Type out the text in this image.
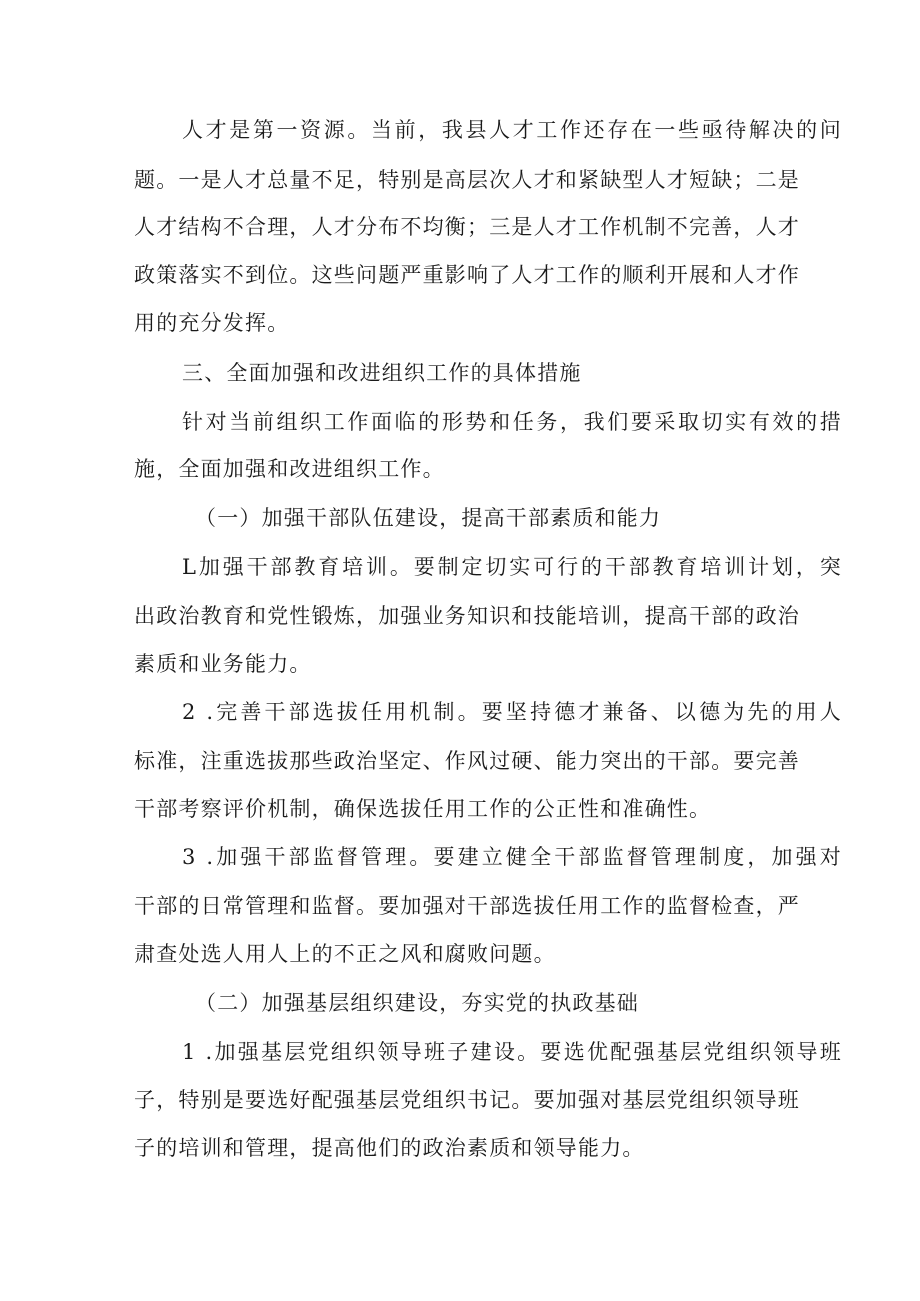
人才是第一资源。当前，我县人才工作还存在一些亟待解决的问
题。一是人才总量不足，特别是高层次人才和紧缺型人才短缺；二是
人才结构不合理，人才分布不均衡；三是人才工作机制不完善，人才
政策落实不到位。这些问题严重影响了人才工作的顺利开展和人才作
用的充分发挥。
三、全面加强和改进组织工作的具体措施
针对当前组织工作面临的形势和任务，我们要采取切实有效的措
施，全面加强和改进组织工作。
（一）加强干部队伍建设，提高干部素质和能力
L加强干部教育培训。要制定切实可行的干部教育培训计划，突
出政治教育和党性锻炼，加强业务知识和技能培训，提高干部的政治
素质和业务能力。
2 .完善干部选拔任用机制。要坚持德才兼备、以德为先的用人
标准，注重选拔那些政治坚定、作风过硬、能力突出的干部。要完善
干部考察评价机制，确保选拔任用工作的公正性和准确性。
3 .加强干部监督管理。要建立健全干部监督管理制度，加强对
干部的日常管理和监督。要加强对干部选拔任用工作的监督检查，严
肃查处选人用人上的不正之风和腐败问题。
（二）加强基层组织建设，夯实党的执政基础
1 .加强基层党组织领导班子建设。要选优配强基层党组织领导班
子，特别是要选好配强基层党组织书记。要加强对基层党组织领导班
子的培训和管理，提高他们的政治素质和领导能力。
